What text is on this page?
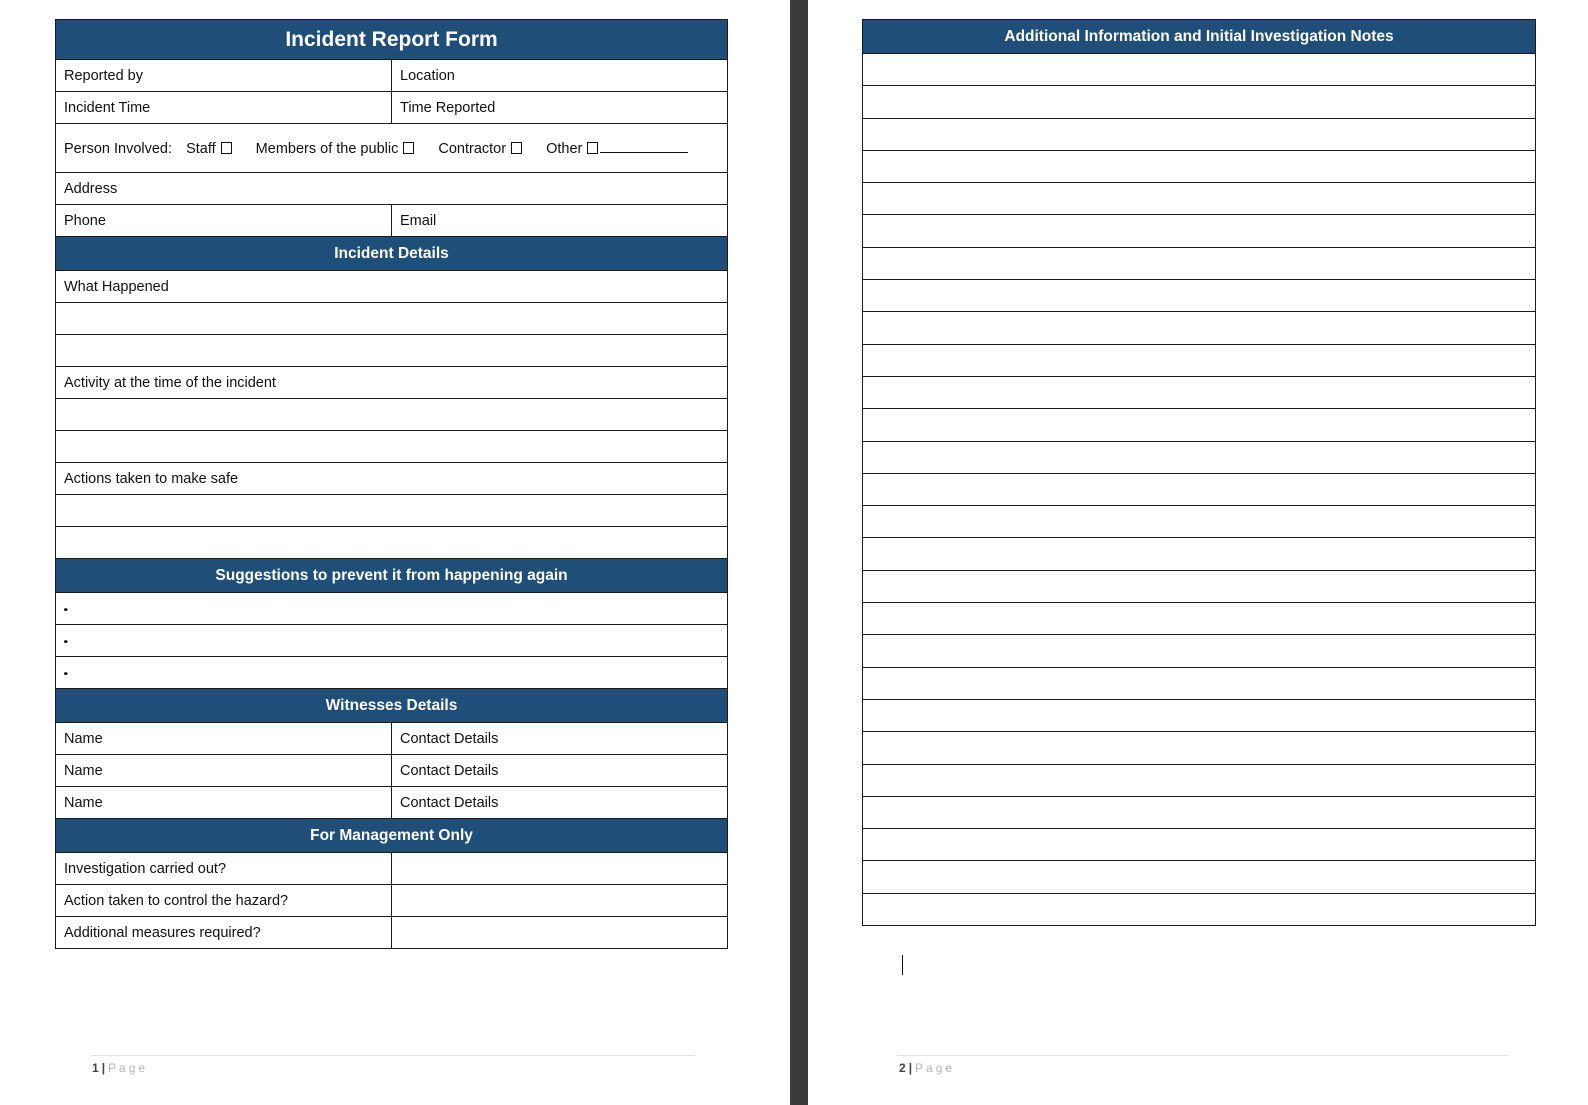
Incident Report Form	
Reported by	Location
Incident Time	Time Reported
Person Involved: Staff Members of the public Contractor Other	
Address	
Phone	Email
Incident Details	
What Happened	

Activity at the time of the incident	

Actions taken to make safe	

Suggestions to prevent it from happening again	
•	
•	
•	
Witnesses Details	
Name	Contact Details
Name	Contact Details
Name	Contact Details
For Management Only	
Investigation carried out?	
Action taken to control the hazard?	
Additional measures required?	
1 | Page
Additional Information and Initial Investigation Notes

2 | Page
